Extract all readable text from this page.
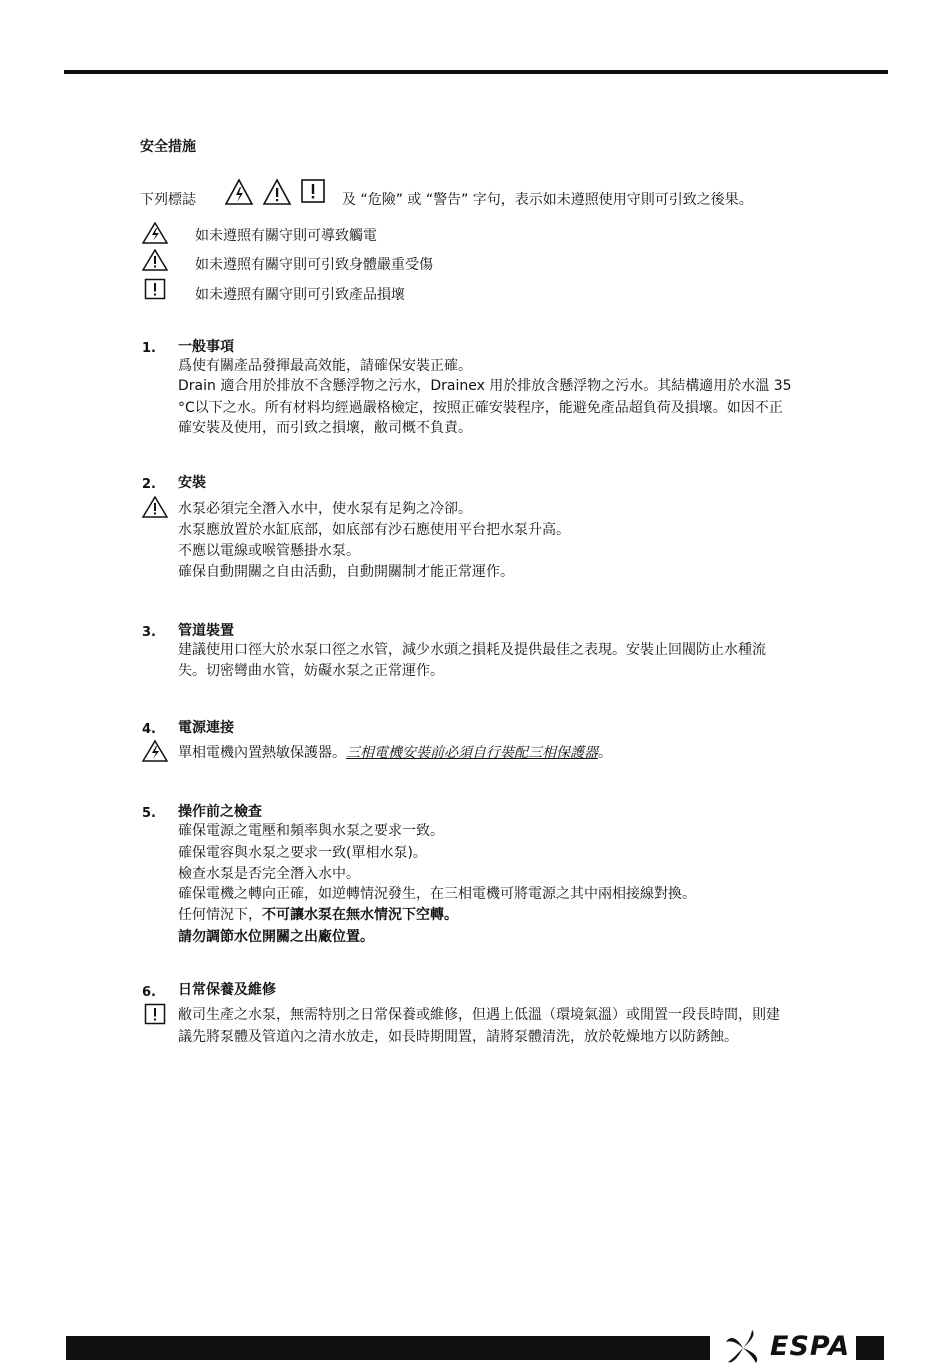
安全措施
下列標誌	及 “危險” 或 “警告” 字句，表示如未遵照使用守則可引致之後果。
如未遵照有關守則可導致觸電
如未遵照有關守則可引致身體嚴重受傷
如未遵照有關守則可引致產品損壞
1. 一般事項
爲使有關產品發揮最高效能，請確保安裝正確。
Drain 適合用於排放不含懸浮物之污水，Drainex 用於排放含懸浮物之污水。其結構適用於水溫 35
°C以下之水。所有材料均經過嚴格檢定，按照正確安裝程序，能避免產品超負荷及損壞。如因不正
確安裝及使用，而引致之損壞，敝司概不負責。
2. 安裝
水泵必須完全潛入水中，使水泵有足夠之冷卻。
水泵應放置於水缸底部，如底部有沙石應使用平台把水泵升高。
不應以電線或喉管懸掛水泵。
確保自動開關之自由活動，自動開關制才能正常運作。
3. 管道裝置
建議使用口徑大於水泵口徑之水管，減少水頭之損耗及提供最佳之表現。安裝止回閥防止水種流
失。切密彎曲水管，妨礙水泵之正常運作。
4. 電源連接
單相電機內置熱敏保護器。三相電機安裝前必須自行裝配三相保護器。
5. 操作前之檢查
確保電源之電壓和頻率與水泵之要求一致。
確保電容與水泵之要求一致(單相水泵)。
檢查水泵是否完全潛入水中。
確保電機之轉向正確，如逆轉情況發生，在三相電機可將電源之其中兩相接線對換。
任何情況下，不可讓水泵在無水情況下空轉。
請勿調節水位開關之出廠位置。
6. 日常保養及維修
敝司生產之水泵，無需特別之日常保養或維修，但遇上低溫（環境氣溫）或閒置一段長時間，則建
議先將泵體及管道內之清水放走，如長時期閒置，請將泵體清洗，放於乾燥地方以防銹蝕。
ESPA
